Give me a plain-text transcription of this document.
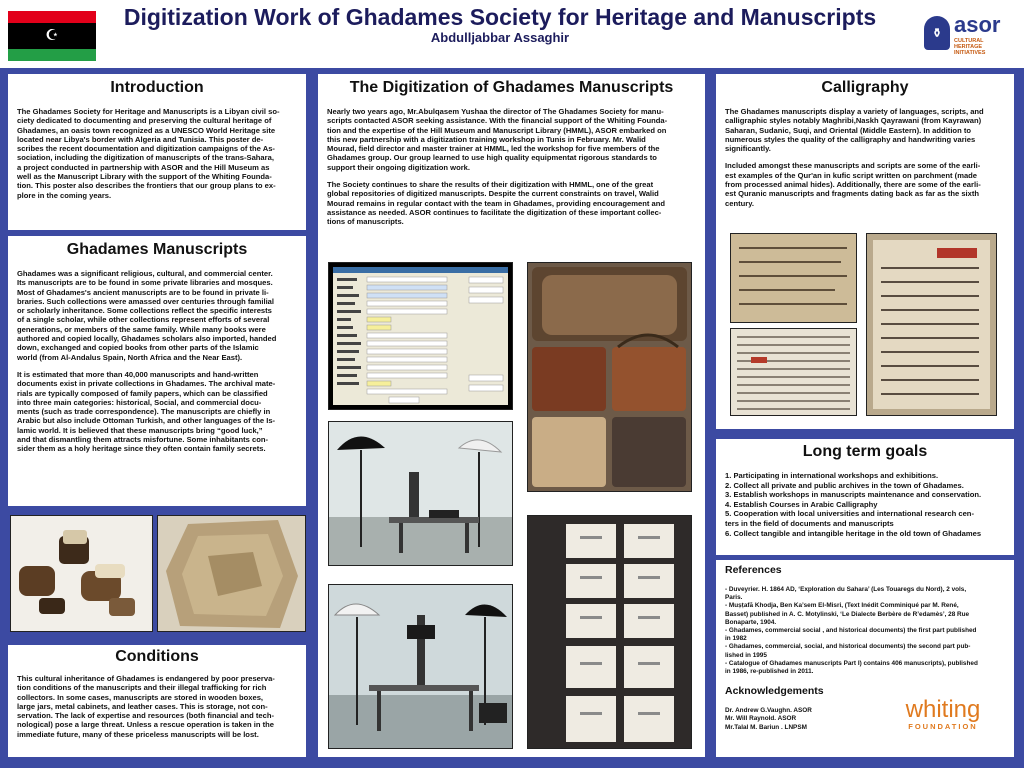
☪
Digitization Work of Ghadames Society for Heritage and Manuscripts
Abdulljabbar Assaghir	⚱ asor
CULTURAL
HERITAGE
INITIATIVES
Introduction

The Ghadames Society for Heritage and Manuscripts is a Libyan civil so-
ciety dedicated to documenting and preserving the cultural heritage of
Ghadames, an oasis town recognized as a UNESCO World Heritage site
located near Libya's border with Algeria and Tunisia. This poster de-
scribes the recent documentation and digitization campaigns of the As-
sociation, including the digitization of manuscripts of the trans-Sahara,
a project conducted in partnership with ASOR and the Hill Museum as
well as the Manuscript Library with the support of the Whiting Founda-
tion. This poster also describes the frontiers that our group plans to ex-
plore in the coming years.

Ghadames Manuscripts

Ghadames was a significant religious, cultural, and commercial center.
Its manuscripts are to be found in some private libraries and mosques.
Most of Ghadames's ancient manuscripts are to be found in private li-
braries. Such collections were amassed over centuries through familial
or scholarly inheritance. Some collections reflect the specific interests
of a single scholar, while other collections represent efforts of several
generations, or members of the same family. While many books were
authored and copied locally, Ghadames scholars also imported, handed
down, exchanged and copied books from other parts of the Islamic
world (from Al-Andalus Spain, North Africa and the Near East).

It is estimated that more than 40,000 manuscripts and hand-written
documents exist in private collections in Ghadames. The archival mate-
rials are typically composed of family papers, which can be classified
into three main categories: historical, Social, and commercial docu-
ments (such as trade correspondence). The manuscripts are chiefly in
Arabic but also include Ottoman Turkish, and other languages of the Is-
lamic world. It is believed that these manuscripts bring “good luck,”
and that dismantling them attracts misfortune. Some inhabitants con-
sider them as a holy heritage since they often contain family secrets.

Conditions

This cultural inheritance of Ghadames is endangered by poor preserva-
tion conditions of the manuscripts and their illegal trafficking for rich
collectors. In some cases, manuscripts are stored in wooden boxes,
large jars, metal cabinets, and leather cases. This is storage, not con-
servation. The lack of expertise and resources (both financial and tech-
nological) pose a large threat. Unless a rescue operation is taken in the
immediate future, many of these priceless manuscripts will be lost.

The Digitization of Ghadames Manuscripts

Nearly two years ago, Mr.Abulqasem Yushaa the director of The Ghadames Society for manu-
scripts contacted ASOR seeking assistance. With the financial support of the Whiting Founda-
tion and the expertise of the Hill Museum and Manuscript Library (HMML), ASOR embarked on
this new partnership with a digitization training workshop in Tunis in February. Mr. Walid
Mourad, field director and master trainer at HMML, led the workshop for five members of the
Ghadames group. Our group learned to use high quality equipmentat rigorous standards to
support their ongoing digitization work.

The Society continues to share the results of their digitization with HMML, one of the great
global repositories of digitized manuscripts. Despite the current constraints on travel, Walid
Mourad remains in regular contact with the team in Ghadames, providing encouragement and
assistance as needed. ASOR continues to facilitate the digitization of these important collec-
tions of manuscripts.

Calligraphy

The Ghadames manuscripts display a variety of languages, scripts, and
calligraphic styles notably Maghribi,Naskh Qayrawani (from Kayrawan)
Saharan, Sudanic, Suqi, and Oriental (Middle Eastern). In addition to
numerous styles the quality of the calligraphy and handwriting varies
significantly.

Included amongst these manuscripts and scripts are some of the earli-
est examples of the Qur'an in kufic script written on parchment (made
from processed animal hides). Additionally, there are some of the earli-
est Quranic manuscripts and fragments dating back as far as the sixth
century.

Long term goals
1. Participating in international workshops and exhibitions.
2. Collect all private and public archives in the town of Ghadames.
3. Establish workshops in manuscripts maintenance and conservation.
4. Establish Courses in Arabic Calligraphy
5. Cooperation with local universities and international research cen-
ters in the field of documents and manuscripts
6. Collect tangible and intangible heritage in the old town of Ghadames
References
- Duveyrier. H. 1864 AD, ‘Exploration du Sahara’ (Les Touaregs du Nord), 2 vols,
Paris.
- Muṣṭafā Khodja, Ben Ka’sem El-Misri, (Text Inédit Comminiqué par M. René,
Basset) published in A. C. Motylinski, ‘Le Dialecte Berbère de R’edamès’, 28 Rue
Bonaparte, 1904.
- Ghadames, commercial social , and historical documents) the first part published
in 1982
- Ghadames, commercial, social, and historical documents) the second part pub-
lished in 1995
- Catalogue of Ghadames manuscripts Part I) contains 406 manuscripts), published
in 1986, re-published in 2011.
Acknowledgements
Dr. Andrew G.Vaughn. ASOR
Mr. Will Raynold. ASOR
Mr.Talal M. Bariun . LNPSM
whiting
FOUNDATION
